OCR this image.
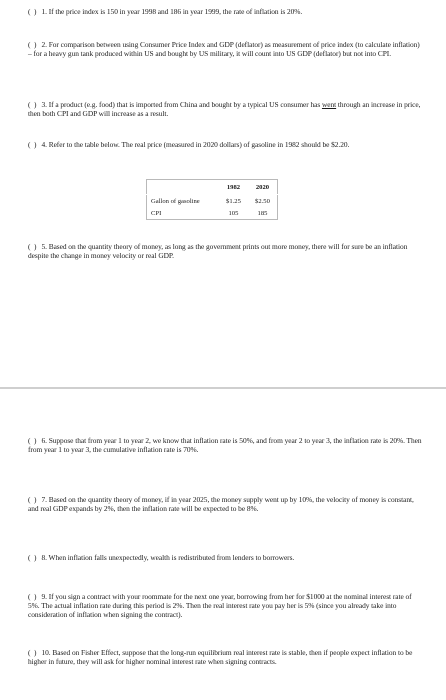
( ) 1. If the price index is 150 in year 1998 and 186 in year 1999, the rate of inflation is 20%.
( ) 2. For comparison between using Consumer Price Index and GDP (deflator) as measurement of price index (to calculate inflation) – for a heavy gun tank produced within US and bought by US military, it will count into US GDP (deflator) but not into CPI.
( ) 3. If a product (e.g. food) that is imported from China and bought by a typical US consumer has went through an increase in price, then both CPI and GDP will increase as a result.
( ) 4. Refer to the table below. The real price (measured in 2020 dollars) of gasoline in 1982 should be $2.20.
	1982	2020
Gallon of gasoline	$1.25	$2.50
CPI	105	185
( ) 5. Based on the quantity theory of money, as long as the government prints out more money, there will for sure be an inflation despite the change in money velocity or real GDP.
( ) 6. Suppose that from year 1 to year 2, we know that inflation rate is 50%, and from year 2 to year 3, the inflation rate is 20%. Then from year 1 to year 3, the cumulative inflation rate is 70%.
( ) 7. Based on the quantity theory of money, if in year 2025, the money supply went up by 10%, the velocity of money is constant, and real GDP expands by 2%, then the inflation rate will be expected to be 8%.
( ) 8. When inflation falls unexpectedly, wealth is redistributed from lenders to borrowers.
( ) 9. If you sign a contract with your roommate for the next one year, borrowing from her for $1000 at the nominal interest rate of 5%. The actual inflation rate during this period is 2%. Then the real interest rate you pay her is 5% (since you already take into consideration of inflation when signing the contract).
( ) 10. Based on Fisher Effect, suppose that the long-run equilibrium real interest rate is stable, then if people expect inflation to be higher in future, they will ask for higher nominal interest rate when signing contracts.
